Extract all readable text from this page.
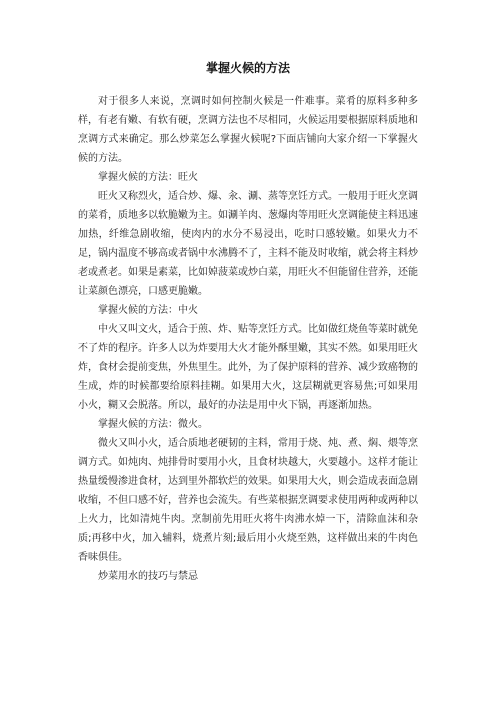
掌握火候的方法

对于很多人来说，烹调时如何控制火候是一件难事。菜肴的原料多种多样，有老有嫩、有软有硬，烹调方法也不尽相同，火候运用要根据原料质地和烹调方式来确定。那么炒菜怎么掌握火候呢?下面店铺向大家介绍一下掌握火候的方法。

掌握火候的方法：旺火

旺火又称烈火，适合炒、爆、汆、涮、蒸等烹饪方式。一般用于旺火烹调的菜肴，质地多以软脆嫩为主。如涮羊肉、葱爆肉等用旺火烹调能使主料迅速加热，纤维急剧收缩，使肉内的水分不易浸出，吃时口感较嫩。如果火力不足，锅内温度不够高或者锅中水沸腾不了，主料不能及时收缩，就会将主料炒老或煮老。如果是素菜，比如婥菠菜或炒白菜，用旺火不但能留住营养，还能让菜颜色漂亮，口感更脆嫩。

掌握火候的方法：中火

中火又叫文火，适合于煎、炸、贴等烹饪方式。比如做红烧鱼等菜时就免不了炸的程序。许多人以为炸要用大火才能外酥里嫩，其实不然。如果用旺火炸，食材会提前变焦，外焦里生。此外，为了保护原料的营养、减少致癌物的生成，炸的时候都要给原料挂糊。如果用大火，这层糊就更容易焦;可如果用小火，糊又会脱落。所以，最好的办法是用中火下锅，再逐渐加热。

掌握火候的方法：微火。

微火又叫小火，适合质地老硬韧的主料，常用于烧、炖、煮、焖、煨等烹调方式。如炖肉、炖排骨时要用小火，且食材块越大，火要越小。这样才能让热量缓慢渗进食材，达到里外都软烂的效果。如果用大火，则会造成表面急剧收缩，不但口感不好，营养也会流失。有些菜根据烹调要求使用两种或两种以上火力，比如清炖牛肉。烹制前先用旺火将牛肉沸水焯一下，清除血沫和杂质;再移中火，加入辅料，烧煮片刻;最后用小火烧至熟，这样做出来的牛肉色香味俱佳。

炒菜用水的技巧与禁忌
